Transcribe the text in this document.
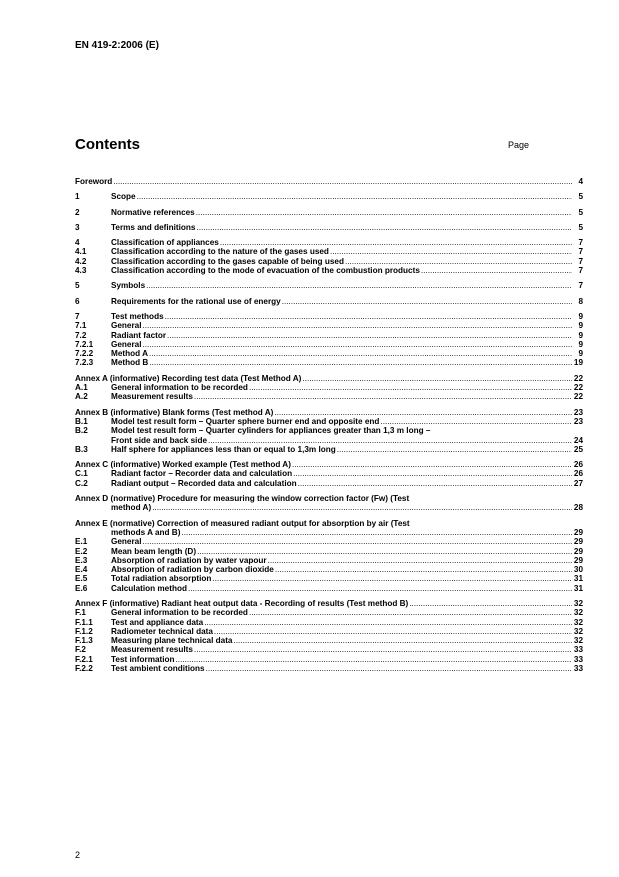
EN 419-2:2006 (E)
Contents	Page
Foreword .....	4
1	Scope .....	5
2	Normative references .....	5
3	Terms and definitions .....	5
4	Classification of appliances .....	7
4.1	Classification according to the nature of the gases used .....	7
4.2	Classification according to the gases capable of being used .....	7
4.3	Classification according to the mode of evacuation of the combustion products .....	7
5	Symbols .....	7
6	Requirements for the rational use of energy .....	8
7	Test methods .....	9
7.1	General .....	9
7.2	Radiant factor .....	9
7.2.1	General .....	9
7.2.2	Method A .....	9
7.2.3	Method B .....	19
Annex A (informative) Recording test data (Test Method A) .....	22
A.1	General information to be recorded .....	22
A.2	Measurement results .....	22
Annex B (informative) Blank forms (Test method A) .....	23
B.1	Model test result form – Quarter sphere burner end and opposite end .....	23
B.2	Model test result form – Quarter cylinders for appliances greater than 1,3 m long –
Front side and back side .....	24
B.3	Half sphere for appliances less than or equal to 1,3m long .....	25
Annex C (informative) Worked example (Test method A) .....	26
C.1	Radiant factor – Recorder data and calculation .....	26
C.2	Radiant output – Recorded data and calculation .....	27
Annex D (normative) Procedure for measuring the window correction factor (Fw) (Test
method A) .....	28
Annex E (normative) Correction of measured radiant output for absorption by air (Test
methods A and B) .....	29
E.1	General .....	29
E.2	Mean beam length (D) .....	29
E.3	Absorption of radiation by water vapour .....	29
E.4	Absorption of radiation by carbon dioxide .....	30
E.5	Total radiation absorption .....	31
E.6	Calculation method .....	31
Annex F (informative) Radiant heat output data - Recording of results (Test method B) .....	32
F.1	General information to be recorded .....	32
F.1.1	Test and appliance data .....	32
F.1.2	Radiometer technical data .....	32
F.1.3	Measuring plane technical data .....	32
F.2	Measurement results .....	33
F.2.1	Test information .....	33
F.2.2	Test ambient conditions .....	33
2
